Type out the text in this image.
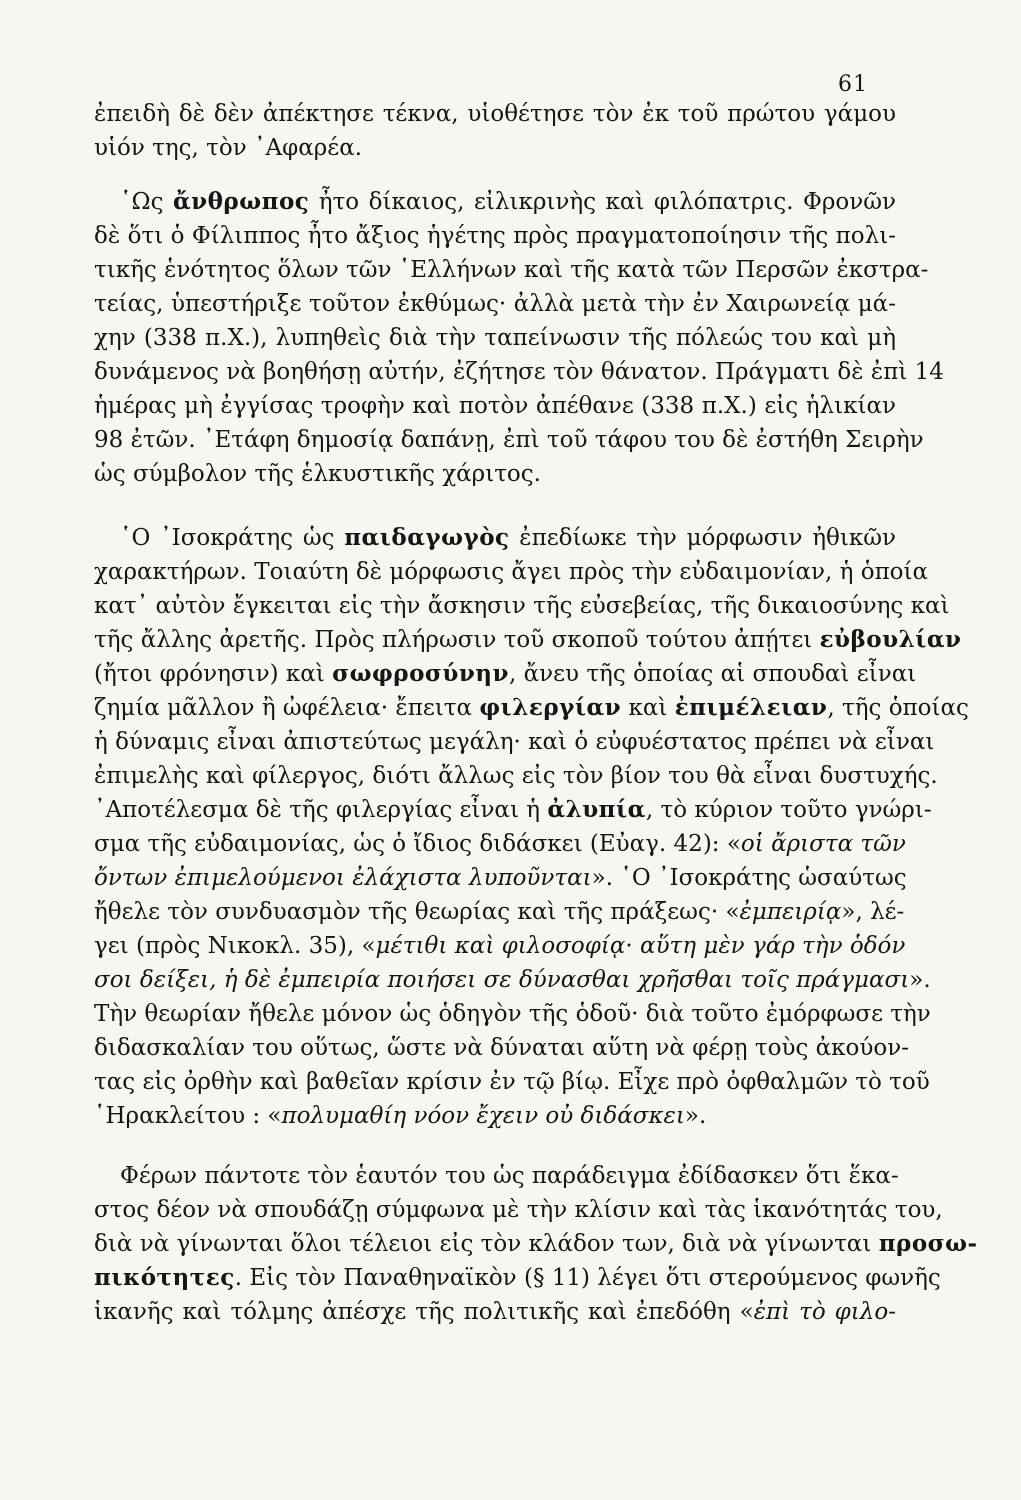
61
ἐπειδὴ δὲ δὲν ἀπέκτησε τέκνα, υἱοθέτησε τὸν ἐκ τοῦ πρώτου γάμου
υἱόν της, τὸν ᾿Αφαρέα.
῾Ως ἄνθρωπος ἦτο δίκαιος, εἰλικρινὴς καὶ φιλόπατρις. Φρονῶν
δὲ ὅτι ὁ Φίλιππος ἦτο ἄξιος ἡγέτης πρὸς πραγματοποίησιν τῆς πολι-
τικῆς ἑνότητος ὅλων τῶν ῾Ελλήνων καὶ τῆς κατὰ τῶν Περσῶν ἐκστρα-
τείας, ὑπεστήριξε τοῦτον ἐκθύμως· ἀλλὰ μετὰ τὴν ἐν Χαιρωνείᾳ μά-
χην (338 π.Χ.), λυπηθεὶς διὰ τὴν ταπείνωσιν τῆς πόλεώς του καὶ μὴ
δυνάμενος νὰ βοηθήσῃ αὐτήν, ἐζήτησε τὸν θάνατον. Πράγματι δὲ ἐπὶ 14
ἡμέρας μὴ ἐγγίσας τροφὴν καὶ ποτὸν ἀπέθανε (338 π.Χ.) εἰς ἡλικίαν
98 ἐτῶν. ᾿Ετάφη δημοσίᾳ δαπάνῃ, ἐπὶ τοῦ τάφου του δὲ ἐστήθη Σειρὴν
ὡς σύμβολον τῆς ἑλκυστικῆς χάριτος.
῾Ο ᾿Ισοκράτης ὡς παιδαγωγὸς ἐπεδίωκε τὴν μόρφωσιν ἠθικῶν
χαρακτήρων. Τοιαύτη δὲ μόρφωσις ἄγει πρὸς τὴν εὐδαιμονίαν, ἡ ὁποία
κατ᾿ αὐτὸν ἔγκειται εἰς τὴν ἄσκησιν τῆς εὐσεβείας, τῆς δικαιοσύνης καὶ
τῆς ἄλλης ἀρετῆς. Πρὸς πλήρωσιν τοῦ σκοποῦ τούτου ἀπῄτει εὐβουλίαν
(ἤτοι φρόνησιν) καὶ σωφροσύνην, ἄνευ τῆς ὁποίας αἱ σπουδαὶ εἶναι
ζημία μᾶλλον ἢ ὠφέλεια· ἔπειτα φιλεργίαν καὶ ἐπιμέλειαν, τῆς ὁποίας
ἡ δύναμις εἶναι ἀπιστεύτως μεγάλη· καὶ ὁ εὐφυέστατος πρέπει νὰ εἶναι
ἐπιμελὴς καὶ φίλεργος, διότι ἄλλως εἰς τὸν βίον του θὰ εἶναι δυστυχής.
᾿Αποτέλεσμα δὲ τῆς φιλεργίας εἶναι ἡ ἀλυπία, τὸ κύριον τοῦτο γνώρι-
σμα τῆς εὐδαιμονίας, ὡς ὁ ἴδιος διδάσκει (Εὐαγ. 42): «οἱ ἄριστα τῶν
ὄντων ἐπιμελούμενοι ἐλάχιστα λυποῦνται». ῾Ο ᾿Ισοκράτης ὡσαύτως
ἤθελε τὸν συνδυασμὸν τῆς θεωρίας καὶ τῆς πράξεως· «ἐμπειρίᾳ», λέ-
γει (πρὸς Νικοκλ. 35), «μέτιθι καὶ φιλοσοφίᾳ· αὕτη μὲν γάρ τὴν ὁδόν
σοι δείξει, ἡ δὲ ἐμπειρία ποιήσει σε δύνασθαι χρῆσθαι τοῖς πράγμασι».
Τὴν θεωρίαν ἤθελε μόνον ὡς ὁδηγὸν τῆς ὁδοῦ· διὰ τοῦτο ἐμόρφωσε τὴν
διδασκαλίαν του οὕτως, ὥστε νὰ δύναται αὕτη νὰ φέρῃ τοὺς ἀκούον-
τας εἰς ὀρθὴν καὶ βαθεῖαν κρίσιν ἐν τῷ βίῳ. Εἶχε πρὸ ὀφθαλμῶν τὸ τοῦ
῾Ηρακλείτου : «πολυμαθίη νόον ἔχειν οὐ διδάσκει».
Φέρων πάντοτε τὸν ἑαυτόν του ὡς παράδειγμα ἐδίδασκεν ὅτι ἕκα-
στος δέον νὰ σπουδάζῃ σύμφωνα μὲ τὴν κλίσιν καὶ τὰς ἱκανότητάς του,
διὰ νὰ γίνωνται ὅλοι τέλειοι εἰς τὸν κλάδον των, διὰ νὰ γίνωνται προσω-
πικότητες. Εἰς τὸν Παναθηναϊκὸν (§ 11) λέγει ὅτι στερούμενος φωνῆς
ἱκανῆς καὶ τόλμης ἀπέσχε τῆς πολιτικῆς καὶ ἐπεδόθη «ἐπὶ τὸ φιλο-
